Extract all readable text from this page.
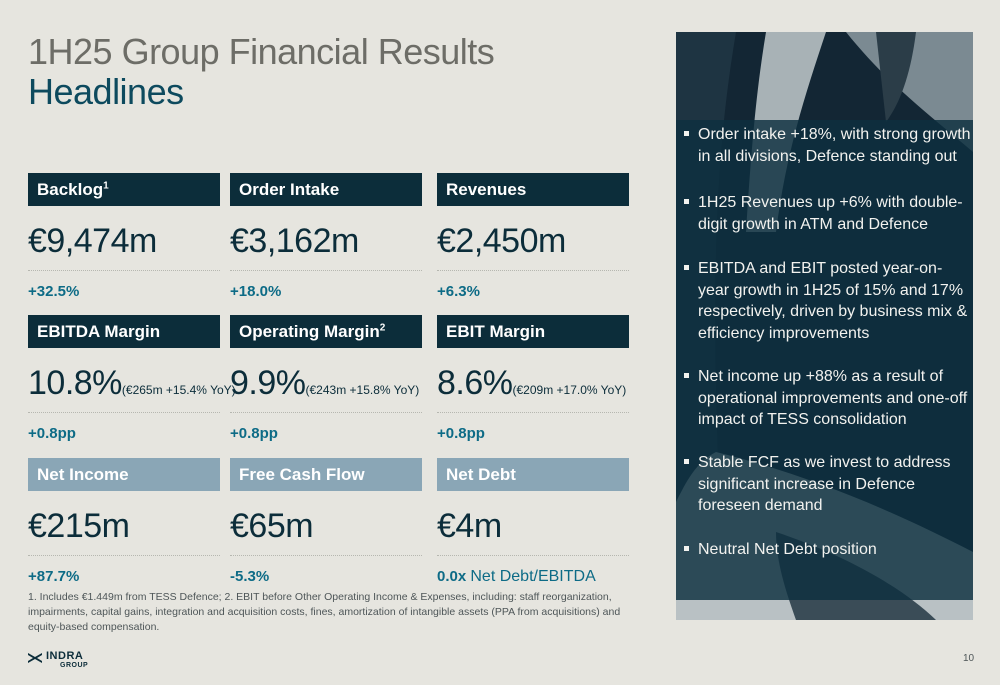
1H25 Group Financial Results
Headlines
Backlog$^1$
€9,474m
+32.5%
Order Intake
€3,162m
+18.0%
Revenues
€2,450m
+6.3%
EBITDA Margin
10.8%(€265m +15.4% YoY)
+0.8pp
Operating Margin$^2$
9.9%(€243m +15.8% YoY)
+0.8pp
EBIT Margin
8.6%(€209m +17.0% YoY)
+0.8pp
Net Income
€215m
+87.7%
Free Cash Flow
€65m
-5.3%
Net Debt
€4m
0.0x Net Debt/EBITDA
1. Includes €1.449m from TESS Defence; 2. EBIT before Other Operating Income & Expenses, including: staff reorganization, impairments, capital gains, integration and acquisition costs, fines, amortization of intangible assets (PPA from acquisitions) and equity-based compensation.
INDRA
GROUP
10
Order intake +18%, with strong growth in all divisions, Defence standing out
1H25 Revenues up +6% with double-digit growth in ATM and Defence
EBITDA and EBIT posted year-on-year growth in 1H25 of 15% and 17% respectively, driven by business mix & efficiency improvements
Net income up +88% as a result of operational improvements and one-off impact of TESS consolidation
Stable FCF as we invest to address significant increase in Defence foreseen demand
Neutral Net Debt position
